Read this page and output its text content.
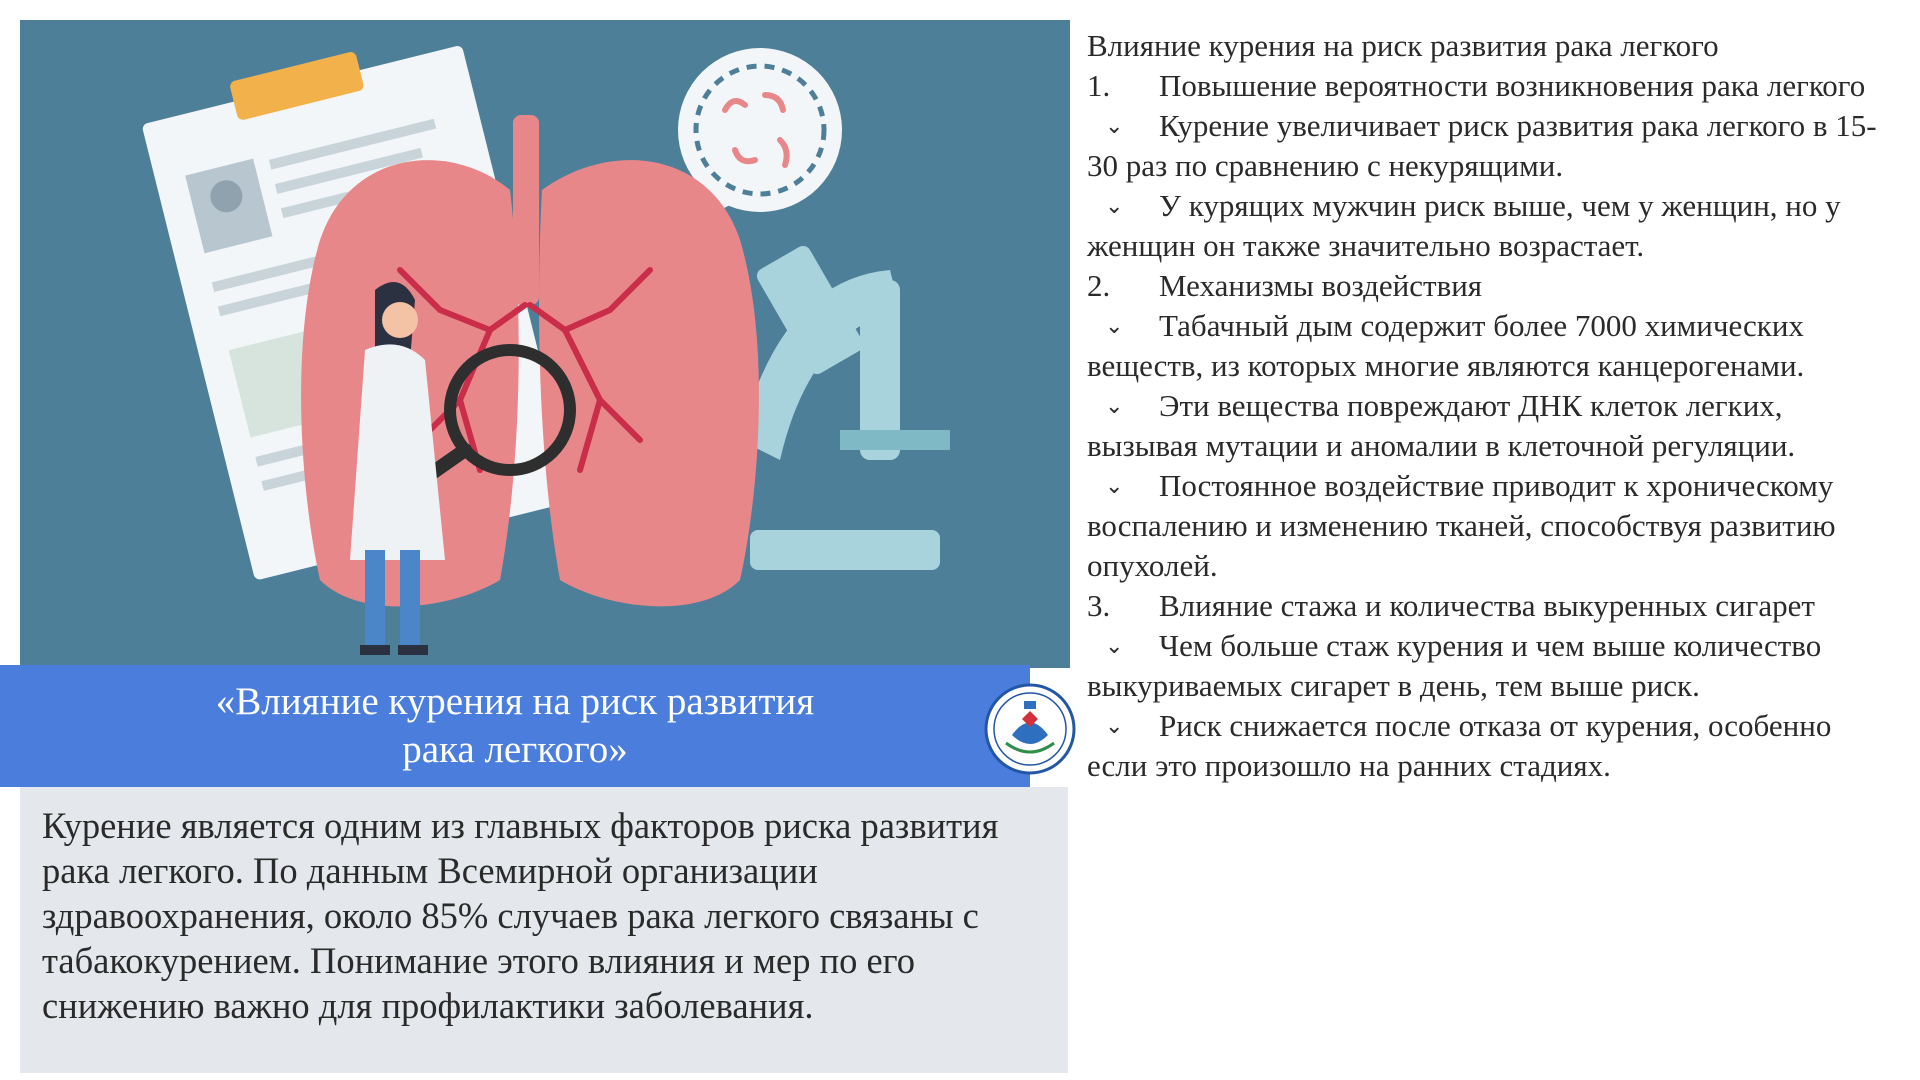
«Влияние курения на риск развития
рака легкого»
Курение является одним из главных факторов риска развития рака легкого. По данным Всемирной организации здравоохранения, около 85% случаев рака легкого связаны с табакокурением. Понимание этого влияния и мер по его снижению важно для профилактики заболевания.

Влияние курения на риск развития рака легкого

1. Повышение вероятности возникновения рака легкого

⌄ Курение увеличивает риск развития рака легкого в 15-30 раз по сравнению с некурящими.

⌄ У курящих мужчин риск выше, чем у женщин, но у женщин он также значительно возрастает.

2. Механизмы воздействия

⌄ Табачный дым содержит более 7000 химических веществ, из которых многие являются канцерогенами.

⌄ Эти вещества повреждают ДНК клеток легких, вызывая мутации и аномалии в клеточной регуляции.

⌄ Постоянное воздействие приводит к хроническому воспалению и изменению тканей, способствуя развитию опухолей.

3. Влияние стажа и количества выкуренных сигарет

⌄ Чем больше стаж курения и чем выше количество выкуриваемых сигарет в день, тем выше риск.

⌄ Риск снижается после отказа от курения, особенно если это произошло на ранних стадиях.
